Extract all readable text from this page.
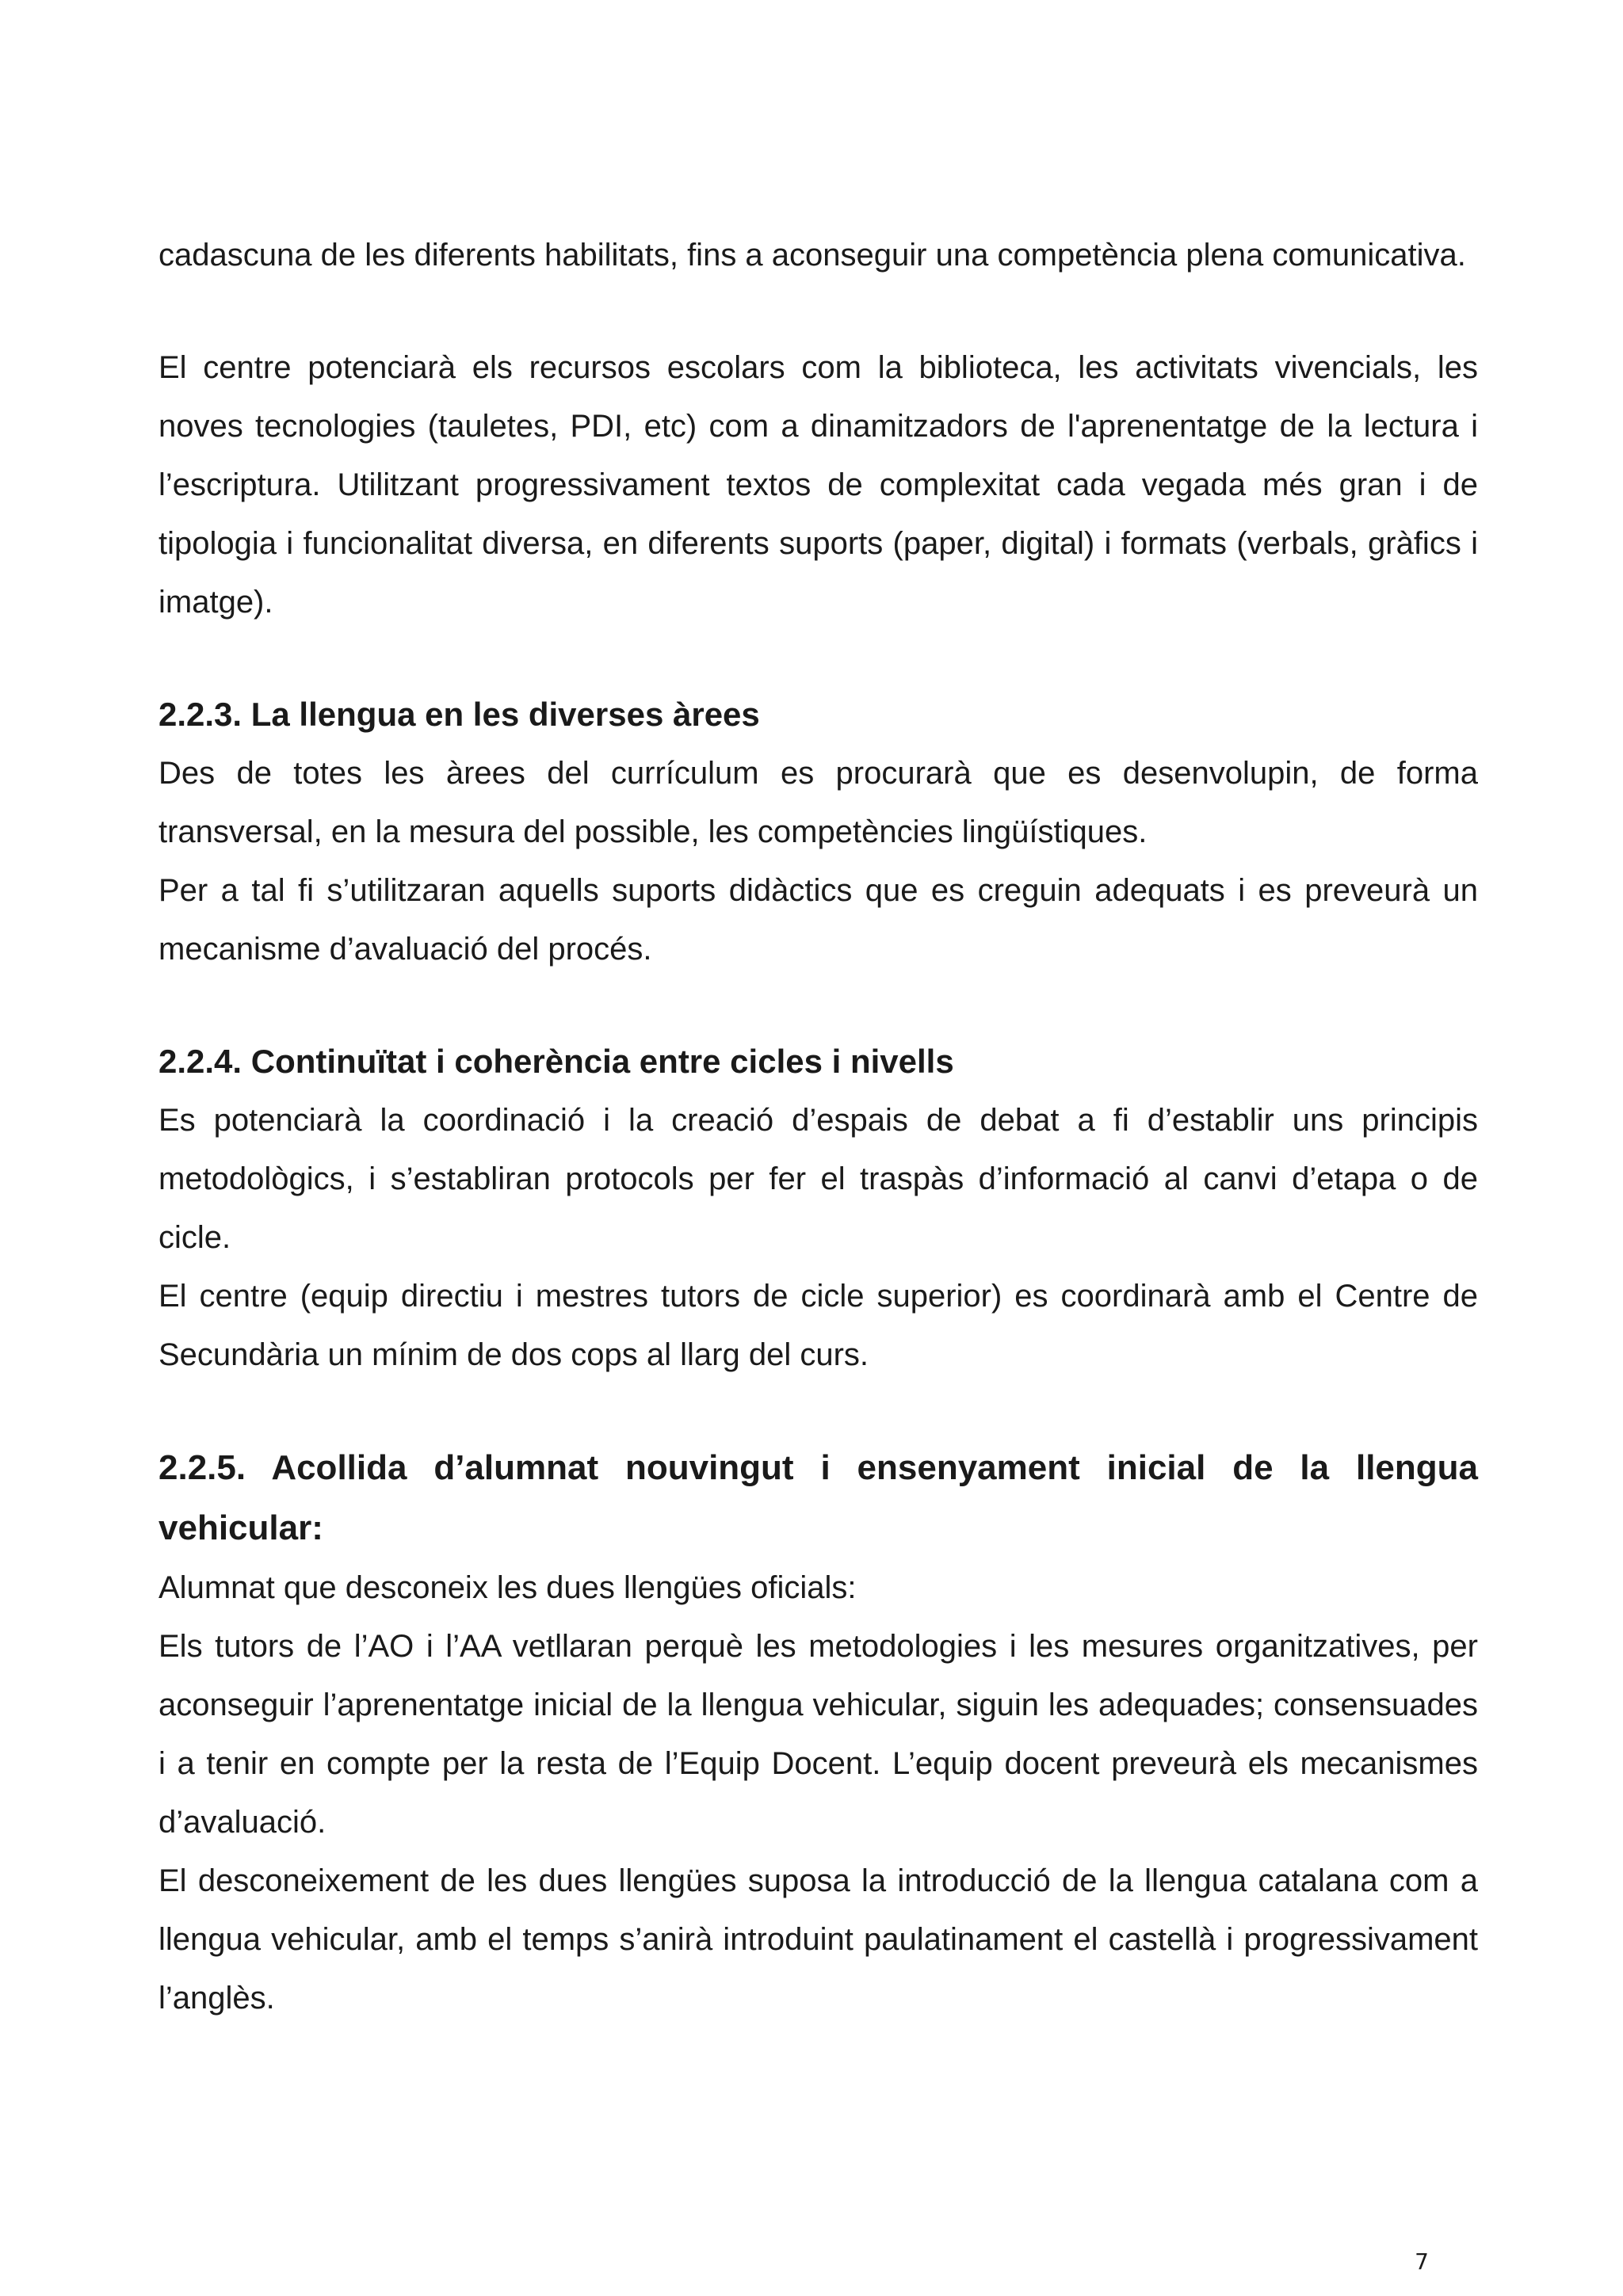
cadascuna de les diferents habilitats, fins a aconseguir una competència plena comunicativa.

El centre potenciarà els recursos escolars com la biblioteca, les activitats vivencials, les noves tecnologies (tauletes, PDI, etc) com a dinamitzadors de l'aprenentatge de la lectura i l’escriptura. Utilitzant progressivament textos de complexitat cada vegada més gran i de tipologia i funcionalitat diversa, en diferents suports (paper, digital) i formats (verbals, gràfics i imatge).

2.2.3. La llengua en les diverses àrees

Des de totes les àrees del currículum es procurarà que es desenvolupin, de forma transversal, en la mesura del possible, les competències lingüístiques.

Per a tal fi s’utilitzaran aquells suports didàctics que es creguin adequats i es preveurà un mecanisme d’avaluació del procés.

2.2.4. Continuïtat i coherència entre cicles i nivells

Es potenciarà la coordinació i la creació d’espais de debat a fi d’establir uns principis metodològics, i s’establiran protocols per fer el traspàs d’informació al canvi d’etapa o de cicle.

El centre (equip directiu i mestres tutors de cicle superior) es coordinarà amb el Centre de Secundària un mínim de dos cops al llarg del curs.

2.2.5. Acollida d’alumnat nouvingut i ensenyament inicial de la llengua vehicular:

Alumnat que desconeix les dues llengües oficials:

Els tutors de l’AO i l’AA vetllaran perquè les metodologies i les mesures organitzatives, per aconseguir l’aprenentatge inicial de la llengua vehicular, siguin les adequades; consensuades i a tenir en compte per la resta de l’Equip Docent. L’equip docent preveurà els mecanismes d’avaluació.

El desconeixement de les dues llengües suposa la introducció de la llengua catalana com a llengua vehicular, amb el temps s’anirà introduint paulatinament el castellà i progressivament l’anglès.

7
